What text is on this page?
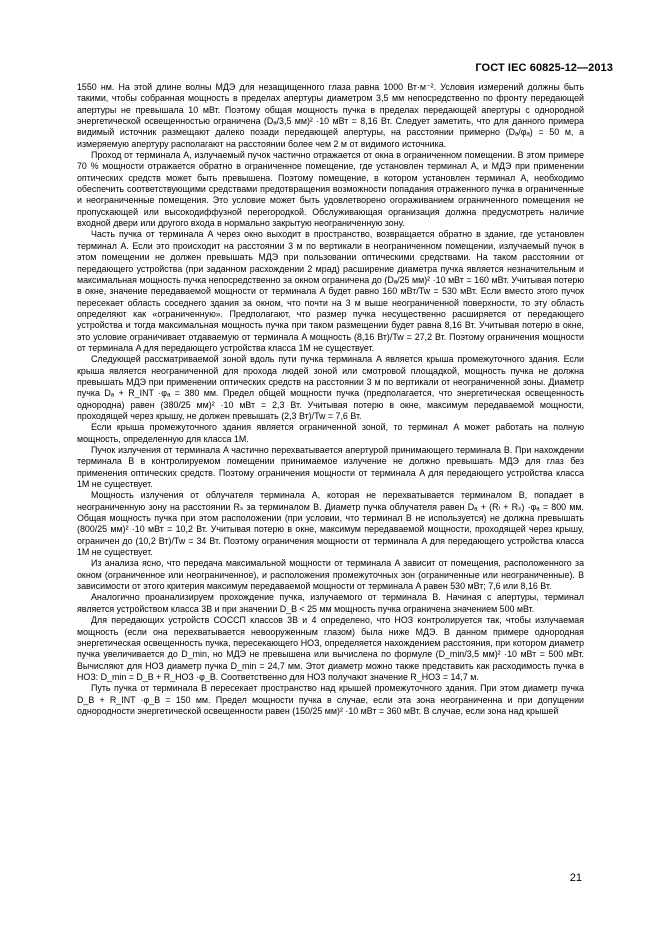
ГОСТ IEC 60825-12—2013

1550 нм. На этой длине волны МДЭ для незащищенного глаза равна 1000 Вт·м⁻². Условия измерений должны быть такими, чтобы собранная мощность в пределах апертуры диаметром 3,5 мм непосредственно по фронту передающей апертуры не превышала 10 мВт. Поэтому общая мощность пучка в пределах передающей апертуры с однородной энергетической освещенностью ограничена (Dₐ/3,5 мм)² ·10 мВт = 8,16 Вт. Следует заметить, что для данного примера видимый источник размещают далеко позади передающей апертуры, на расстоянии примерно (Dₐ/φₐ) = 50 м, а измеряемую апертуру располагают на расстоянии более чем 2 м от видимого источника.

Проход от терминала A, излучаемый пучок частично отражается от окна в ограниченном помещении. В этом примере 70 % мощности отражается обратно в ограниченное помещение, где установлен терминал A, и МДЭ при применении оптических средств может быть превышена. Поэтому помещение, в котором установлен терминал A, необходимо обеспечить соответствующими средствами предотвращения возможности попадания отраженного пучка в ограниченные и неограниченные помещения. Это условие может быть удовлетворено огораживанием ограниченного помещения не пропускающей или высокодиффузной перегородкой. Обслуживающая организация должна предусмотреть наличие входной двери или другого входа в нормально закрытую неограниченную зону.

Часть пучка от терминала A через окно выходит в пространство, возвращается обратно в здание, где установлен терминал A. Если это происходит на расстоянии 3 м по вертикали в неограниченном помещении, излучаемый пучок в этом помещении не должен превышать МДЭ при пользовании оптическими средствами. На таком расстоянии от передающего устройства (при заданном расхождении 2 мрад) расширение диаметра пучка является незначительным и максимальная мощность пучка непосредственно за окном ограничена до (Dₐ/25 мм)² ·10 мВт = 160 мВт. Учитывая потерю в окне, значение передаваемой мощности от терминала A будет равно 160 мВт/Tw = 530 мВт. Если вместо этого пучок пересекает область соседнего здания за окном, что почти на 3 м выше неограниченной поверхности, то эту область определяют как «ограниченную». Предполагают, что размер пучка несущественно расширяется от передающего устройства и тогда максимальная мощность пучка при таком размещении будет равна 8,16 Вт. Учитывая потерю в окне, это условие ограничивает отдаваемую от терминала A мощность (8,16 Вт)/Tw = 27,2 Вт. Поэтому ограничения мощности от терминала A для передающего устройства класса 1М не существует.

Следующей рассматриваемой зоной вдоль пути пучка терминала A является крыша промежуточного здания. Если крыша является неограниченной для прохода людей зоной или смотровой площадкой, мощность пучка не должна превышать МДЭ при применении оптических средств на расстоянии 3 м по вертикали от неограниченной зоны. Диаметр пучка Dₐ + R_INT ·φₐ = 380 мм. Предел общей мощности пучка (предполагается, что энергетическая освещенность однородна) равен (380/25 мм)² ·10 мВт = 2,3 Вт. Учитывая потерю в окне, максимум передаваемой мощности, проходящей через крышу, не должен превышать (2,3 Вт)/Tw = 7,6 Вт.

Если крыша промежуточного здания является ограниченной зоной, то терминал A может работать на полную мощность, определенную для класса 1М.

Пучок излучения от терминала A частично перехватывается апертурой принимающего терминала B. При нахождении терминала B в контролируемом помещении принимаемое излучение не должно превышать МДЭ для глаз без применения оптических средств. Поэтому ограничения мощности от терминала A для передающего устройства класса 1М не существует.

Мощность излучения от облучателя терминала A, которая не перехватывается терминалом B, попадает в неограниченную зону на расстоянии Rₛ за терминалом B. Диаметр пучка облучателя равен Dₐ + (Rₗ + Rₛ) ·φₐ = 800 мм. Общая мощность пучка при этом расположении (при условии, что терминал B не используется) не должна превышать (800/25 мм)² ·10 мВт = 10,2 Вт. Учитывая потерю в окне, максимум передаваемой мощности, проходящей через крышу, ограничен до (10,2 Вт)/Tw = 34 Вт. Поэтому ограничения мощности от терминала A для передающего устройства класса 1М не существует.

Из анализа ясно, что передача максимальной мощности от терминала A зависит от помещения, расположенного за окном (ограниченное или неограниченное), и расположения промежуточных зон (ограниченные или неограниченные). В зависимости от этого критерия максимум передаваемой мощности от терминала A равен 530 мВт; 7,6 или 8,16 Вт.

Аналогично проанализируем прохождение пучка, излучаемого от терминала B. Начиная с апертуры, терминал является устройством класса 3В и при значении D_B < 25 мм мощность пучка ограничена значением 500 мВт.

Для передающих устройств СОССП классов 3В и 4 определено, что НОЗ контролируется так, чтобы излучаемая мощность (если она перехватывается невооруженным глазом) была ниже МДЭ. В данном примере однородная энергетическая освещенность пучка, пересекающего НОЗ, определяется нахождением расстояния, при котором диаметр пучка увеличивается до D_min, но МДЭ не превышена или вычислена по формуле (D_min/3,5 мм)² ·10 мВт = 500 мВт. Вычисляют для НОЗ диаметр пучка D_min = 24,7 мм. Этот диаметр можно также представить как расходимость пучка в НОЗ: D_min = D_B + R_НОЗ ·φ_B. Соответственно для НОЗ получают значение R_НОЗ = 14,7 м.

Путь пучка от терминала B пересекает пространство над крышей промежуточного здания. При этом диаметр пучка D_B + R_INT ·φ_B = 150 мм. Предел мощности пучка в случае, если эта зона неограниченна и при допущении однородности энергетической освещенности равен (150/25 мм)² ·10 мВт = 360 мВт. В случае, если зона над крышей

21
